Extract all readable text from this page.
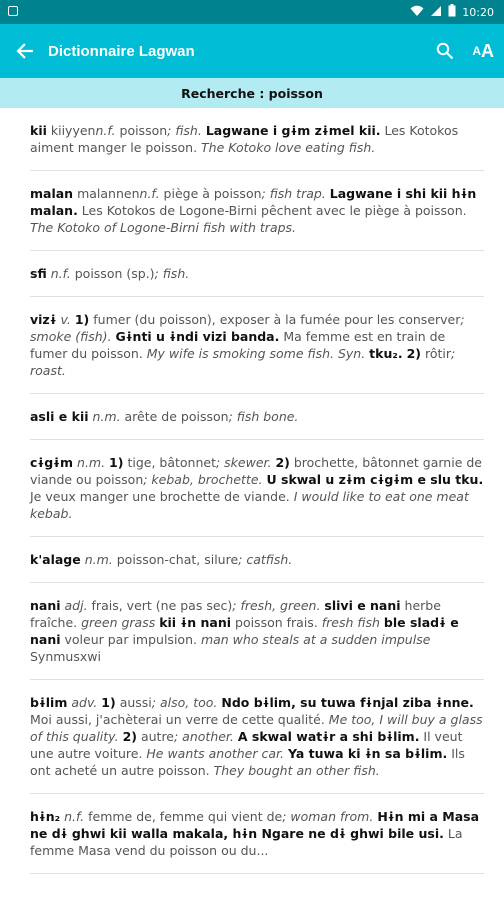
10:20
Dictionnaire Lagwan	A A
Recherche : poisson
kii kiiyyenn.f. poisson; fish. Lagwane i gɨm zɨmel kii. Les Kotokos aiment manger le poisson. The Kotoko love eating fish.
malan malannenn.f. piège à poisson; fish trap. Lagwane i shi kii hɨn malan. Les Kotokos de Logone-Birni pêchent avec le piège à poisson. The Kotoko of Logone-Birni fish with traps.
sfi n.f. poisson (sp.); fish.
vizɨ v. 1) fumer (du poisson), exposer à la fumée pour les conserver; smoke (fish). Gɨnti u ɨndi vizi banda. Ma femme est en train de fumer du poisson. My wife is smoking some fish. Syn. tku₂. 2) rôtir; roast.
asli e kii n.m. arête de poisson; fish bone.
cɨgɨm n.m. 1) tige, bâtonnet; skewer. 2) brochette, bâtonnet garnie de viande ou poisson; kebab, brochette. U skwal u zɨm cɨgɨm e slu tku. Je veux manger une brochette de viande. I would like to eat one meat kebab.
k'alage n.m. poisson-chat, silure; catfish.
nani adj. frais, vert (ne pas sec); fresh, green. slivi e nani herbe fraîche. green grass kii ɨn nani poisson frais. fresh fish ble sladɨ e nani voleur par impulsion. man who steals at a sudden impulse Synmusxwi
bɨlim adv. 1) aussi; also, too. Ndo bɨlim, su tuwa fɨnjal ziba ɨnne. Moi aussi, j'achèterai un verre de cette qualité. Me too, I will buy a glass of this quality. 2) autre; another. A skwal watɨr a shi bɨlim. Il veut une autre voiture. He wants another car. Ya tuwa ki ɨn sa bɨlim. Ils ont acheté un autre poisson. They bought an other fish.
hɨn₂ n.f. femme de, femme qui vient de; woman from. Hɨn mi a Masa ne dɨ ghwi kii walla makala, hɨn Ngare ne dɨ ghwi bile usi. La femme Masa vend du poisson ou du...
